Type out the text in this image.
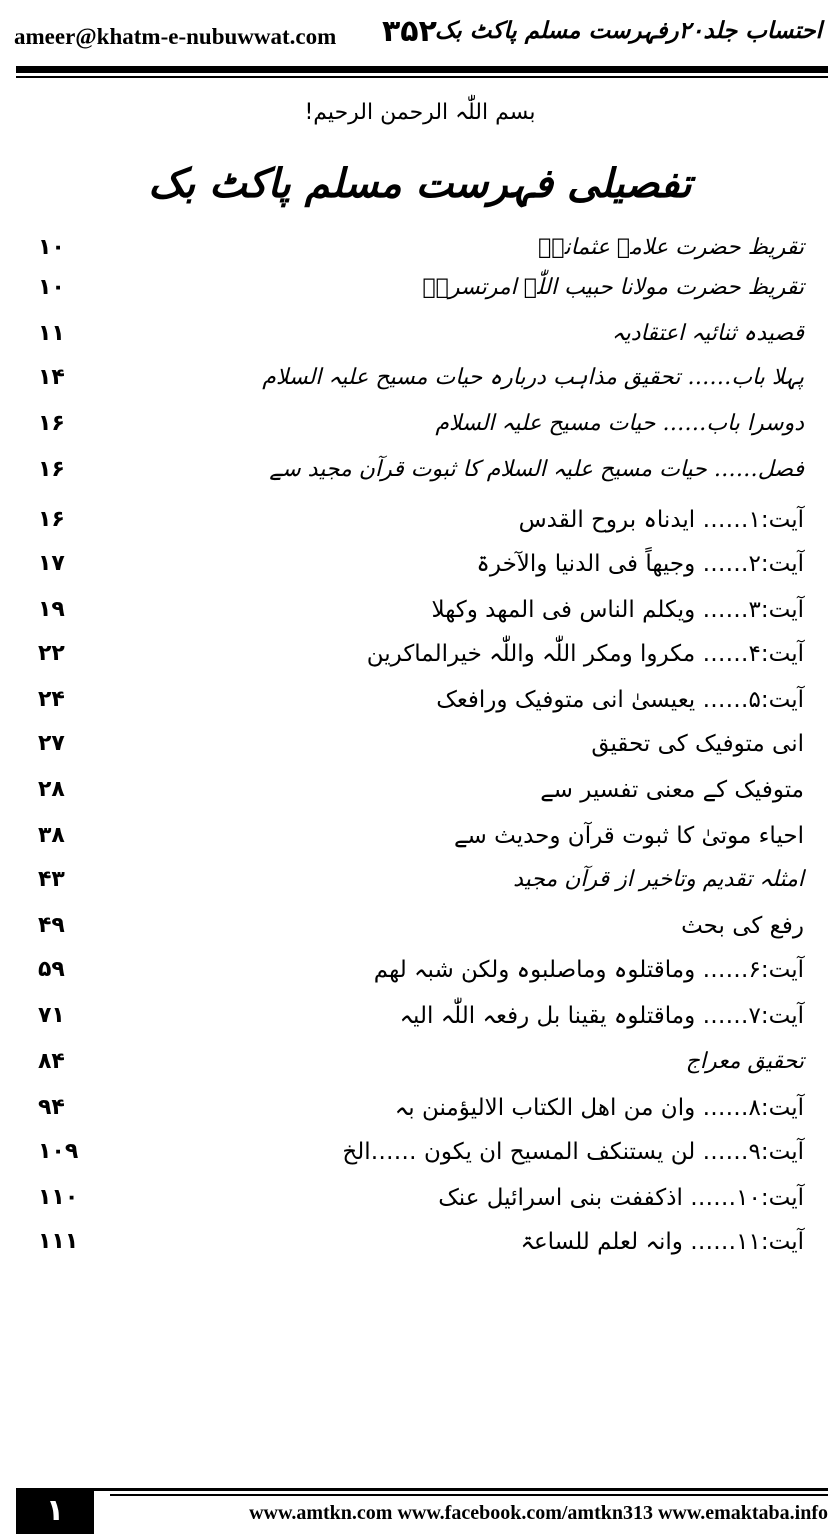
ameer@khatm-e-nubuwwat.com ۳۵۲
احتساب جلد۲۰رفہرست مسلم پاکٹ بک
بسم اللّٰہ الرحمن الرحیم!
تفصیلی فہرست مسلم پاکٹ بک
تقریظ حضرت علامہ عثمانیؒ
۱۰
تقریظ حضرت مولانا حبیب اللّٰہ امرتسریؒ
۱۰
قصیدہ ثنائیہ اعتقادیہ
۱۱
پہلا باب…… تحقیق مذاہب دربارہ حیات مسیح علیہ السلام
۱۴
دوسرا باب…… حیات مسیح علیہ السلام
۱۶
فصل…… حیات مسیح علیہ السلام کا ثبوت قرآن مجید سے
۱۶
آیت:۱…… ایدناہ بروح القدس
۱۶
آیت:۲…… وجیھاً فی الدنیا والآخرۃ
۱۷
آیت:۳…… ویکلم الناس فی المھد وکھلا
۱۹
آیت:۴…… مکروا ومکر اللّٰہ واللّٰہ خیرالماکرین
۲۲
آیت:۵…… یعیسیٰ انی متوفیک ورافعک
۲۴
انی متوفیک کی تحقیق
۲۷
متوفیک کے معنی تفسیر سے
۲۸
احیاء موتیٰ کا ثبوت قرآن وحدیث سے
۳۸
امثلہ تقدیم وتاخیر از قرآن مجید
۴۳
رفع کی بحث
۴۹
آیت:۶…… وماقتلوہ وماصلبوہ ولکن شبہ لھم
۵۹
آیت:۷…… وماقتلوہ یقینا بل رفعہ اللّٰہ الیہ
۷۱
تحقیق معراج
۸۴
آیت:۸…… وان من اھل الکتاب الالیؤمنن بہ
۹۴
آیت:۹…… لن یستنکف المسیح ان یکون ……الخ
۱۰۹
آیت:۱۰…… اذکففت بنی اسرائیل عنک
۱۱۰
آیت:۱۱…… وانہ لعلم للساعۃ
۱۱۱
۱	www.amtkn.com www.facebook.com/amtkn313 www.emaktaba.info
